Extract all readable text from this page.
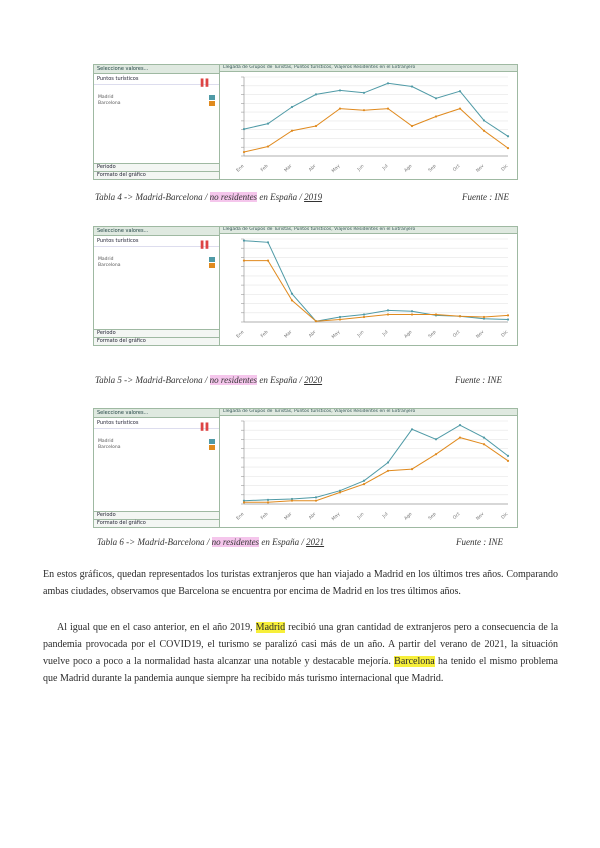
Seleccione valores...
Puntos turísticos	▐ ▌
Madrid
Barcelona
Periodo
Formato del gráfico
Llegada de Grupos de Turistas, Puntos turísticos, Viajeros Residentes en el Extranjero
Ene	Feb	Mar	Abr	May	Jun	Jul	Ago	Sep	Oct	Nov	Dic
Tabla 4 -> Madrid-Barcelona / no residentes en España / 2019	Fuente : INE
Seleccione valores...
Puntos turísticos	▐ ▌
Madrid
Barcelona
Periodo
Formato del gráfico
Llegada de Grupos de Turistas, Puntos turísticos, Viajeros Residentes en el Extranjero
Ene	Feb	Mar	Abr	May	Jun	Jul	Ago	Sep	Oct	Nov	Dic
Tabla 5 -> Madrid-Barcelona / no residentes en España / 2020	Fuente : INE
Seleccione valores...
Puntos turísticos	▐ ▌
Madrid
Barcelona
Periodo
Formato del gráfico
Llegada de Grupos de Turistas, Puntos turísticos, Viajeros Residentes en el Extranjero
Ene	Feb	Mar	Abr	May	Jun	Jul	Ago	Sep	Oct	Nov	Dic
Tabla 6 -> Madrid-Barcelona / no residentes en España / 2021	Fuente : INE
En estos gráficos, quedan representados los turistas extranjeros que han viajado a Madrid en los últimos tres años. Comparando ambas ciudades, observamos que Barcelona se encuentra por encima de Madrid en los tres últimos años.
Al igual que en el caso anterior, en el año 2019, Madrid recibió una gran cantidad de extranjeros pero a consecuencia de la pandemia provocada por el COVID19, el turismo se paralizó casi más de un año. A partir del verano de 2021, la situación vuelve poco a poco a la normalidad hasta alcanzar una notable y destacable mejoría. Barcelona ha tenido el mismo problema que Madrid durante la pandemia aunque siempre ha recibido más turismo internacional que Madrid.
